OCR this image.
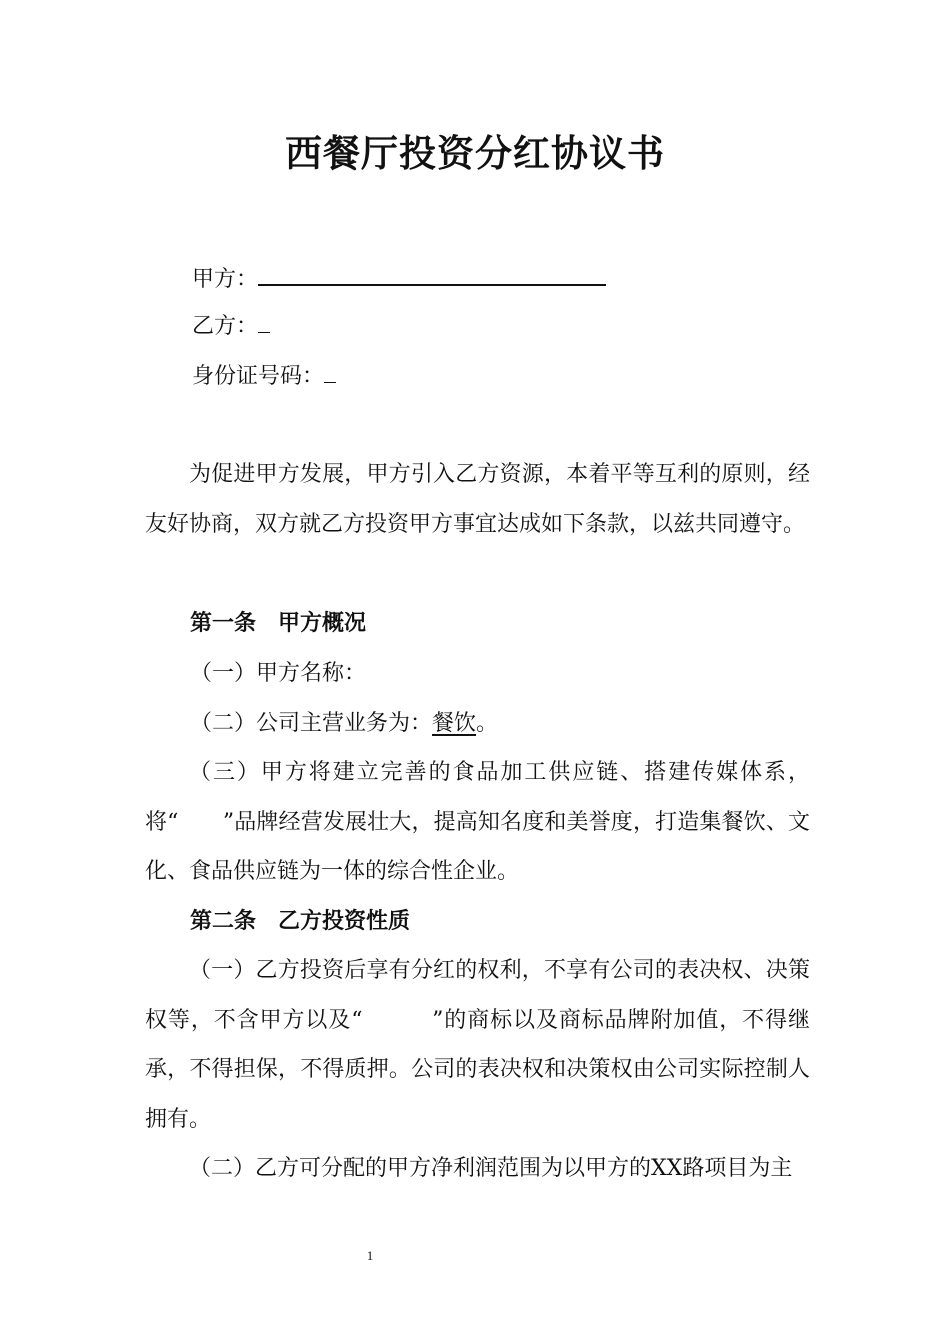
西餐厅投资分红协议书
甲方：
乙方：
身份证号码：
为促进甲方发展，甲方引入乙方资源，本着平等互利的原则，经友好协商，双方就乙方投资甲方事宜达成如下条款，以兹共同遵守。
第一条　甲方概况
（一）甲方名称：
（二）公司主营业务为：餐饮。
（三）甲方将建立完善的食品加工供应链、搭建传媒体系，将“　　”品牌经营发展壮大，提高知名度和美誉度，打造集餐饮、文化、食品供应链为一体的综合性企业。
第二条　乙方投资性质
（一）乙方投资后享有分红的权利，不享有公司的表决权、决策权等，不含甲方以及“　　　”的商标以及商标品牌附加值，不得继承，不得担保，不得质押。公司的表决权和决策权由公司实际控制人　拥有。
（二）乙方可分配的甲方净利润范围为以甲方的XX路项目为主
1
